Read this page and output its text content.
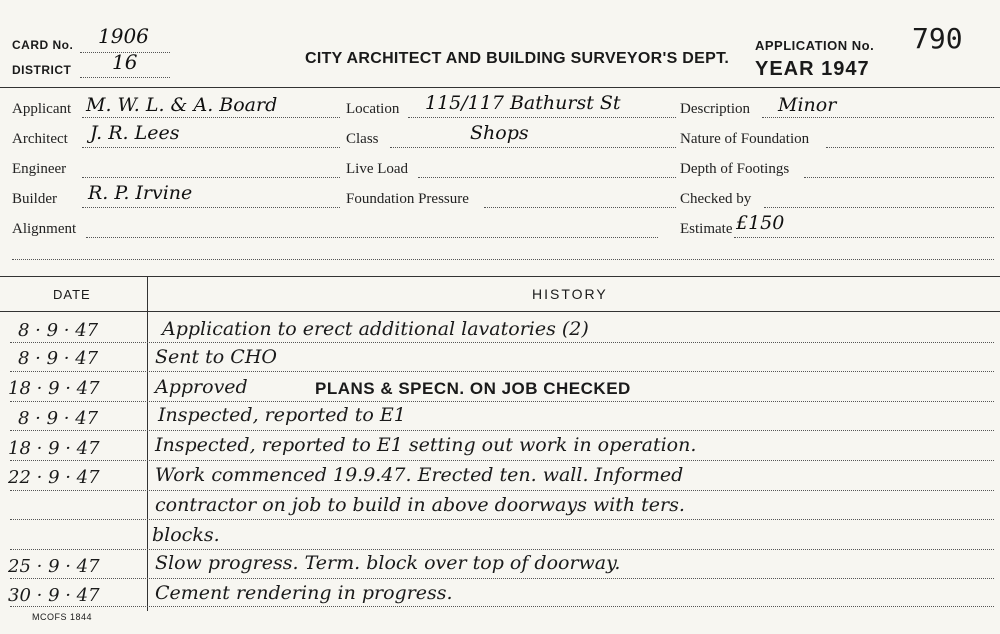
CARD No. 1906
DISTRICT 16	CITY ARCHITECT AND BUILDING SURVEYOR'S DEPT.
APPLICATION No. 790
YEAR 1947
Applicant M. W. L. & A. Board
Architect J. R. Lees
Engineer
Builder R. P. Irvine
Alignment
Location 115/117 Bathurst St
Class	Shops
Live Load
Foundation Pressure
Description Minor
Nature of Foundation
Depth of Footings
Checked by
Estimate £150
DATE	HISTORY
8 · 9 · 47	Application to erect additional lavatories (2)
8 · 9 · 47	Sent to CHO
18 · 9 · 47	Approved	PLANS & SPECN. ON JOB CHECKED
8 · 9 · 47	Inspected, reported to E1
18 · 9 · 47	Inspected, reported to E1 setting out work in operation.
22 · 9 · 47	Work commenced 19.9.47. Erected ten. wall. Informed
contractor on job to build in above doorways with ters.
blocks.
25 · 9 · 47	Slow progress. Term. block over top of doorway.
30 · 9 · 47	Cement rendering in progress.
MCOFS 1844
